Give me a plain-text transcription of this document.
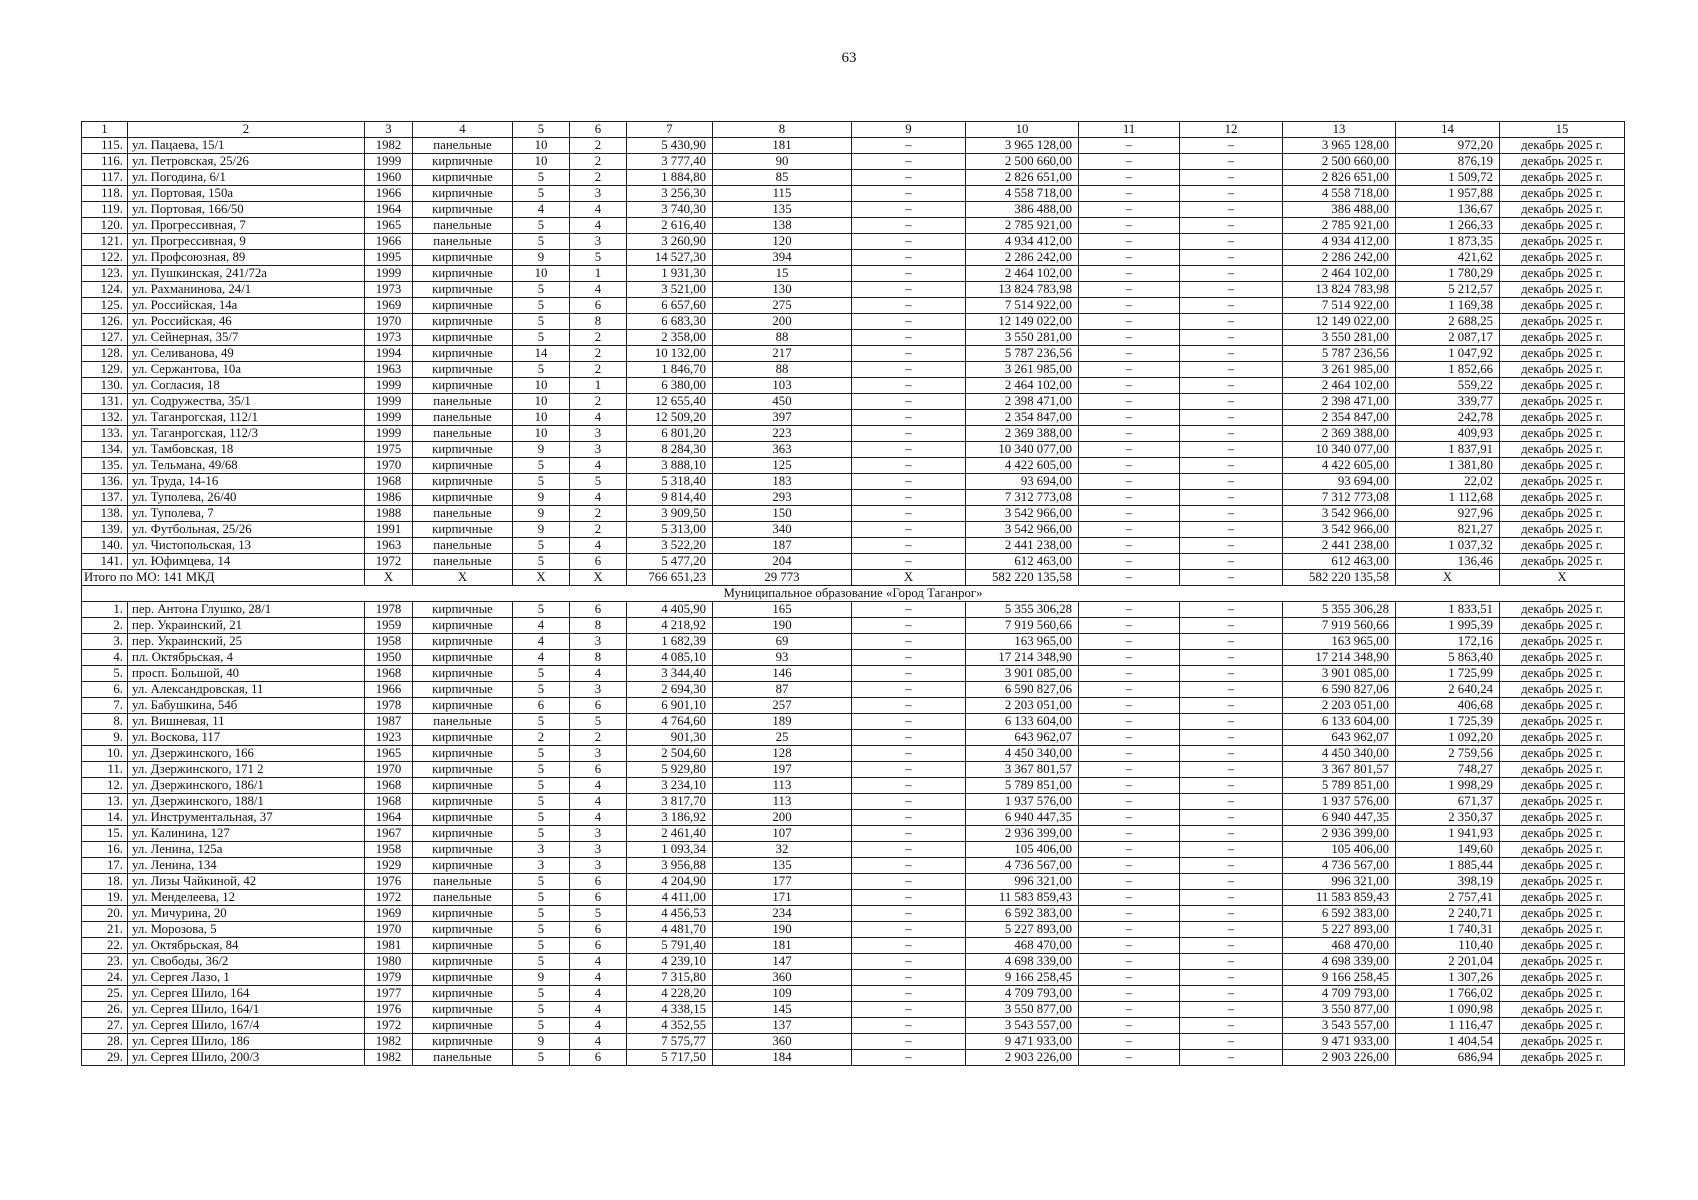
63
1	2	3	4	5	6	7	8	9	10	11	12	13	14	15
115.	ул. Пацаева, 15/1	1982	панельные	10	2	5 430,90	181	–	3 965 128,00	–	–	3 965 128,00	972,20	декабрь 2025 г.
116.	ул. Петровская, 25/26	1999	кирпичные	10	2	3 777,40	90	–	2 500 660,00	–	–	2 500 660,00	876,19	декабрь 2025 г.
117.	ул. Погодина, 6/1	1960	кирпичные	5	2	1 884,80	85	–	2 826 651,00	–	–	2 826 651,00	1 509,72	декабрь 2025 г.
118.	ул. Портовая, 150а	1966	кирпичные	5	3	3 256,30	115	–	4 558 718,00	–	–	4 558 718,00	1 957,88	декабрь 2025 г.
119.	ул. Портовая, 166/50	1964	кирпичные	4	4	3 740,30	135	–	386 488,00	–	–	386 488,00	136,67	декабрь 2025 г.
120.	ул. Прогрессивная, 7	1965	панельные	5	4	2 616,40	138	–	2 785 921,00	–	–	2 785 921,00	1 266,33	декабрь 2025 г.
121.	ул. Прогрессивная, 9	1966	панельные	5	3	3 260,90	120	–	4 934 412,00	–	–	4 934 412,00	1 873,35	декабрь 2025 г.
122.	ул. Профсоюзная, 89	1995	кирпичные	9	5	14 527,30	394	–	2 286 242,00	–	–	2 286 242,00	421,62	декабрь 2025 г.
123.	ул. Пушкинская, 241/72а	1999	кирпичные	10	1	1 931,30	15	–	2 464 102,00	–	–	2 464 102,00	1 780,29	декабрь 2025 г.
124.	ул. Рахманинова, 24/1	1973	кирпичные	5	4	3 521,00	130	–	13 824 783,98	–	–	13 824 783,98	5 212,57	декабрь 2025 г.
125.	ул. Российская, 14а	1969	кирпичные	5	6	6 657,60	275	–	7 514 922,00	–	–	7 514 922,00	1 169,38	декабрь 2025 г.
126.	ул. Российская, 46	1970	кирпичные	5	8	6 683,30	200	–	12 149 022,00	–	–	12 149 022,00	2 688,25	декабрь 2025 г.
127.	ул. Сейнерная, 35/7	1973	кирпичные	5	2	2 358,00	88	–	3 550 281,00	–	–	3 550 281,00	2 087,17	декабрь 2025 г.
128.	ул. Селиванова, 49	1994	кирпичные	14	2	10 132,00	217	–	5 787 236,56	–	–	5 787 236,56	1 047,92	декабрь 2025 г.
129.	ул. Сержантова, 10а	1963	кирпичные	5	2	1 846,70	88	–	3 261 985,00	–	–	3 261 985,00	1 852,66	декабрь 2025 г.
130.	ул. Согласия, 18	1999	кирпичные	10	1	6 380,00	103	–	2 464 102,00	–	–	2 464 102,00	559,22	декабрь 2025 г.
131.	ул. Содружества, 35/1	1999	панельные	10	2	12 655,40	450	–	2 398 471,00	–	–	2 398 471,00	339,77	декабрь 2025 г.
132.	ул. Таганрогская, 112/1	1999	панельные	10	4	12 509,20	397	–	2 354 847,00	–	–	2 354 847,00	242,78	декабрь 2025 г.
133.	ул. Таганрогская, 112/3	1999	панельные	10	3	6 801,20	223	–	2 369 388,00	–	–	2 369 388,00	409,93	декабрь 2025 г.
134.	ул. Тамбовская, 18	1975	кирпичные	9	3	8 284,30	363	–	10 340 077,00	–	–	10 340 077,00	1 837,91	декабрь 2025 г.
135.	ул. Тельмана, 49/68	1970	кирпичные	5	4	3 888,10	125	–	4 422 605,00	–	–	4 422 605,00	1 381,80	декабрь 2025 г.
136.	ул. Труда, 14-16	1968	кирпичные	5	5	5 318,40	183	–	93 694,00	–	–	93 694,00	22,02	декабрь 2025 г.
137.	ул. Туполева, 26/40	1986	кирпичные	9	4	9 814,40	293	–	7 312 773,08	–	–	7 312 773,08	1 112,68	декабрь 2025 г.
138.	ул. Туполева, 7	1988	панельные	9	2	3 909,50	150	–	3 542 966,00	–	–	3 542 966,00	927,96	декабрь 2025 г.
139.	ул. Футбольная, 25/26	1991	кирпичные	9	2	5 313,00	340	–	3 542 966,00	–	–	3 542 966,00	821,27	декабрь 2025 г.
140.	ул. Чистопольская, 13	1963	панельные	5	4	3 522,20	187	–	2 441 238,00	–	–	2 441 238,00	1 037,32	декабрь 2025 г.
141.	ул. Юфимцева, 14	1972	панельные	5	6	5 477,20	204	–	612 463,00	–	–	612 463,00	136,46	декабрь 2025 г.
Итого по МО: 141 МКД		X	X	X	X	766 651,23	29 773	X	582 220 135,58	–	–	582 220 135,58	X	X
Муниципальное образование «Город Таганрог»														
1.	пер. Антона Глушко, 28/1	1978	кирпичные	5	6	4 405,90	165	–	5 355 306,28	–	–	5 355 306,28	1 833,51	декабрь 2025 г.
2.	пер. Украинский, 21	1959	кирпичные	4	8	4 218,92	190	–	7 919 560,66	–	–	7 919 560,66	1 995,39	декабрь 2025 г.
3.	пер. Украинский, 25	1958	кирпичные	4	3	1 682,39	69	–	163 965,00	–	–	163 965,00	172,16	декабрь 2025 г.
4.	пл. Октябрьская, 4	1950	кирпичные	4	8	4 085,10	93	–	17 214 348,90	–	–	17 214 348,90	5 863,40	декабрь 2025 г.
5.	просп. Большой, 40	1968	кирпичные	5	4	3 344,40	146	–	3 901 085,00	–	–	3 901 085,00	1 725,99	декабрь 2025 г.
6.	ул. Александровская, 11	1966	кирпичные	5	3	2 694,30	87	–	6 590 827,06	–	–	6 590 827,06	2 640,24	декабрь 2025 г.
7.	ул. Бабушкина, 54б	1978	кирпичные	6	6	6 901,10	257	–	2 203 051,00	–	–	2 203 051,00	406,68	декабрь 2025 г.
8.	ул. Вишневая, 11	1987	панельные	5	5	4 764,60	189	–	6 133 604,00	–	–	6 133 604,00	1 725,39	декабрь 2025 г.
9.	ул. Воскова, 117	1923	кирпичные	2	2	901,30	25	–	643 962,07	–	–	643 962,07	1 092,20	декабрь 2025 г.
10.	ул. Дзержинского, 166	1965	кирпичные	5	3	2 504,60	128	–	4 450 340,00	–	–	4 450 340,00	2 759,56	декабрь 2025 г.
11.	ул. Дзержинского, 171 2	1970	кирпичные	5	6	5 929,80	197	–	3 367 801,57	–	–	3 367 801,57	748,27	декабрь 2025 г.
12.	ул. Дзержинского, 186/1	1968	кирпичные	5	4	3 234,10	113	–	5 789 851,00	–	–	5 789 851,00	1 998,29	декабрь 2025 г.
13.	ул. Дзержинского, 188/1	1968	кирпичные	5	4	3 817,70	113	–	1 937 576,00	–	–	1 937 576,00	671,37	декабрь 2025 г.
14.	ул. Инструментальная, 37	1964	кирпичные	5	4	3 186,92	200	–	6 940 447,35	–	–	6 940 447,35	2 350,37	декабрь 2025 г.
15.	ул. Калинина, 127	1967	кирпичные	5	3	2 461,40	107	–	2 936 399,00	–	–	2 936 399,00	1 941,93	декабрь 2025 г.
16.	ул. Ленина, 125а	1958	кирпичные	3	3	1 093,34	32	–	105 406,00	–	–	105 406,00	149,60	декабрь 2025 г.
17.	ул. Ленина, 134	1929	кирпичные	3	3	3 956,88	135	–	4 736 567,00	–	–	4 736 567,00	1 885,44	декабрь 2025 г.
18.	ул. Лизы Чайкиной, 42	1976	панельные	5	6	4 204,90	177	–	996 321,00	–	–	996 321,00	398,19	декабрь 2025 г.
19.	ул. Менделеева, 12	1972	панельные	5	6	4 411,00	171	–	11 583 859,43	–	–	11 583 859,43	2 757,41	декабрь 2025 г.
20.	ул. Мичурина, 20	1969	кирпичные	5	5	4 456,53	234	–	6 592 383,00	–	–	6 592 383,00	2 240,71	декабрь 2025 г.
21.	ул. Морозова, 5	1970	кирпичные	5	6	4 481,70	190	–	5 227 893,00	–	–	5 227 893,00	1 740,31	декабрь 2025 г.
22.	ул. Октябрьская, 84	1981	кирпичные	5	6	5 791,40	181	–	468 470,00	–	–	468 470,00	110,40	декабрь 2025 г.
23.	ул. Свободы, 36/2	1980	кирпичные	5	4	4 239,10	147	–	4 698 339,00	–	–	4 698 339,00	2 201,04	декабрь 2025 г.
24.	ул. Сергея Лазо, 1	1979	кирпичные	9	4	7 315,80	360	–	9 166 258,45	–	–	9 166 258,45	1 307,26	декабрь 2025 г.
25.	ул. Сергея Шило, 164	1977	кирпичные	5	4	4 228,20	109	–	4 709 793,00	–	–	4 709 793,00	1 766,02	декабрь 2025 г.
26.	ул. Сергея Шило, 164/1	1976	кирпичные	5	4	4 338,15	145	–	3 550 877,00	–	–	3 550 877,00	1 090,98	декабрь 2025 г.
27.	ул. Сергея Шило, 167/4	1972	кирпичные	5	4	4 352,55	137	–	3 543 557,00	–	–	3 543 557,00	1 116,47	декабрь 2025 г.
28.	ул. Сергея Шило, 186	1982	кирпичные	9	4	7 575,77	360	–	9 471 933,00	–	–	9 471 933,00	1 404,54	декабрь 2025 г.
29.	ул. Сергея Шило, 200/3	1982	панельные	5	6	5 717,50	184	–	2 903 226,00	–	–	2 903 226,00	686,94	декабрь 2025 г.
